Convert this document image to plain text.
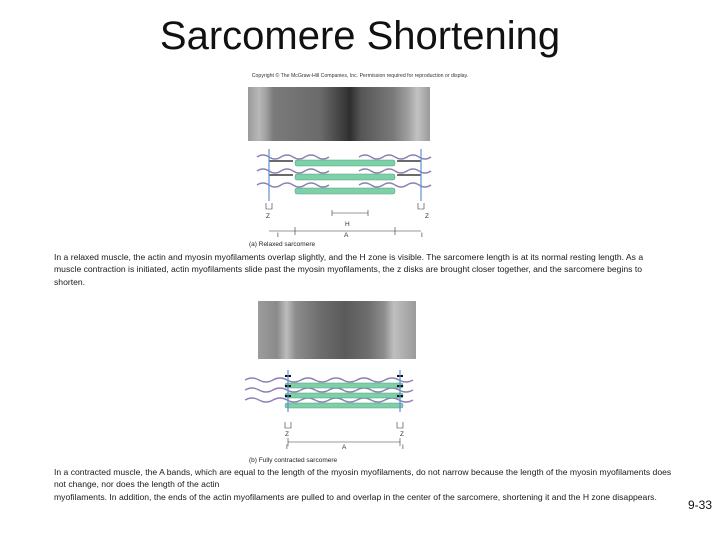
Sarcomere Shortening
Copyright © The McGraw-Hill Companies, Inc. Permission required for reproduction or display.
Z	Z
H
A
I	I
(a) Relaxed sarcomere
In a relaxed muscle, the actin and myosin myofilaments overlap slightly, and the H zone is visible. The sarcomere length is at its normal resting length. As a muscle contraction is initiated, actin myofilaments slide past the myosin myofilaments, the z disks are brought closer together, and the sarcomere begins to shorten.
Z	Z
A
I	I
(b) Fully contracted sarcomere
In a contracted muscle, the A bands, which are equal to the length of the myosin myofilaments, do not narrow because the length of the myosin myofilaments does not change, nor does the length of the actin
myofilaments. In addition, the ends of the actin myofilaments are pulled to and overlap in the center of the sarcomere, shortening it and the H zone disappears.
9-33
